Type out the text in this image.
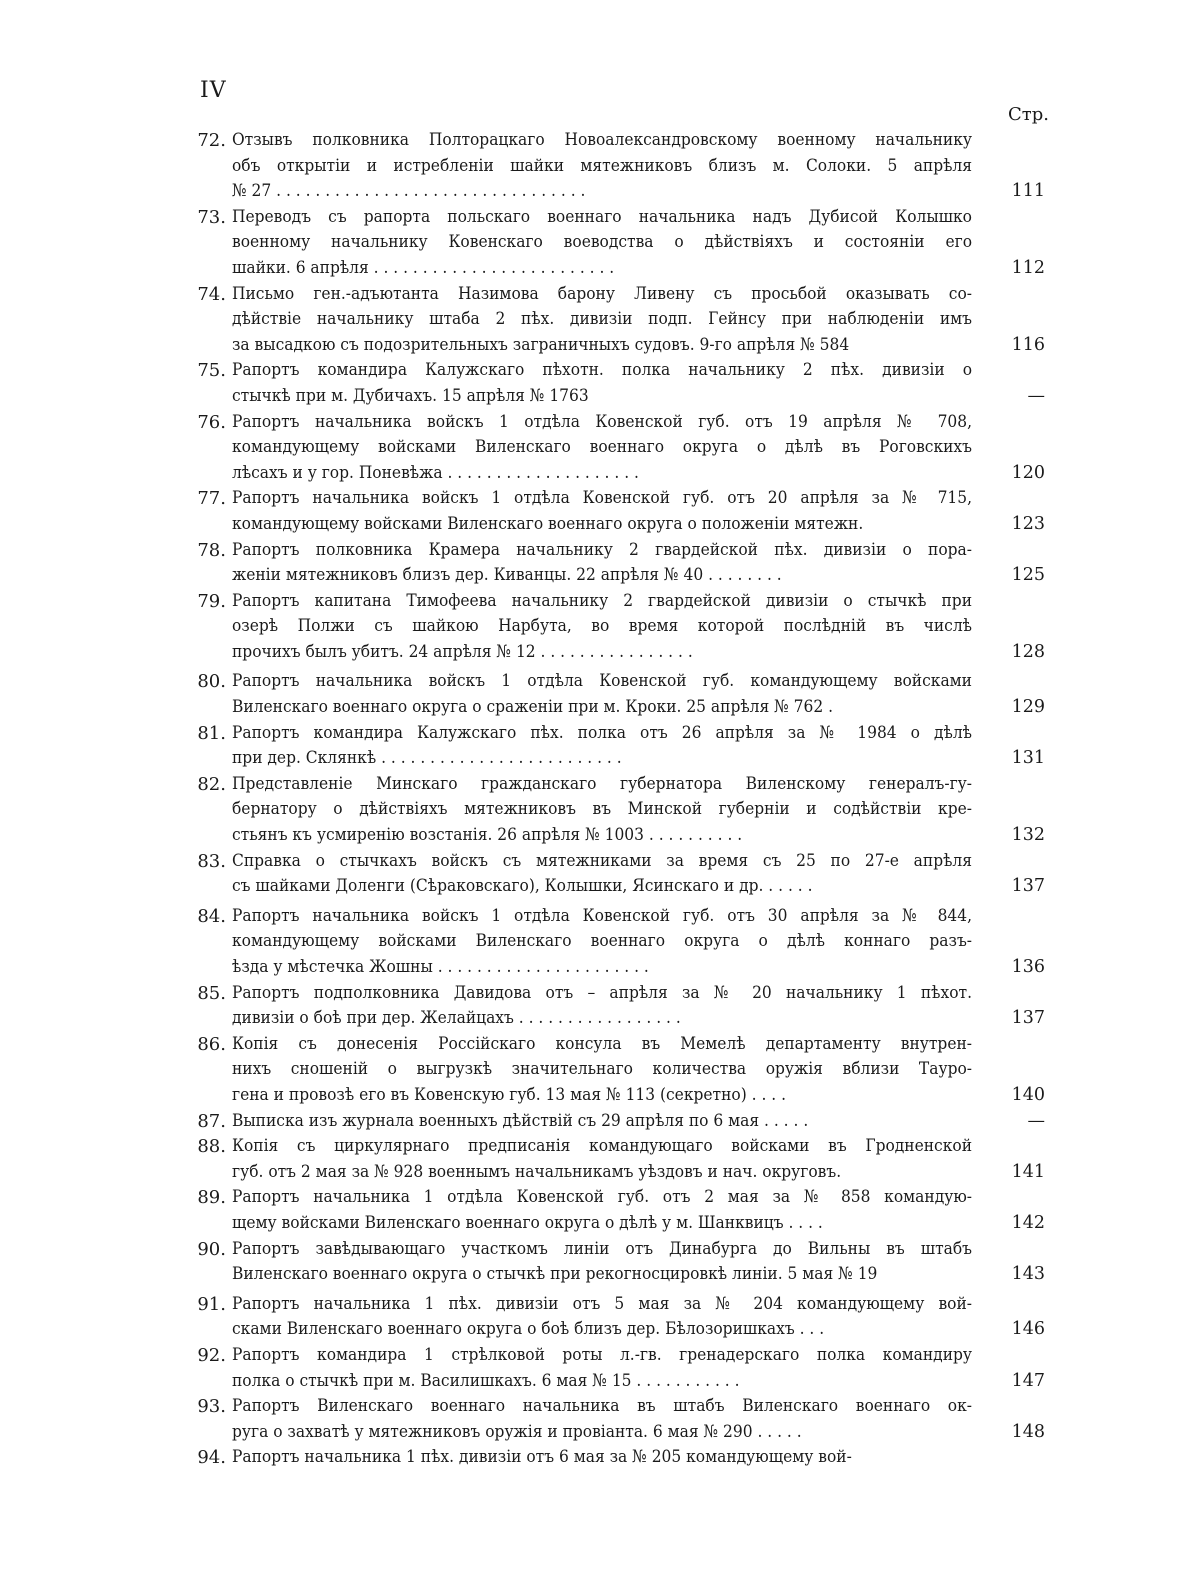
IV
Стр.
72. Отзывъ полковника Полторацкаго Новоалександровскому военному начальнику
объ открытіи и истребленіи шайки мятежниковъ близъ м. Солоки. 5 апрѣля
№ 27 . . . . . . . . . . . . . . . . . . . . . . . . . . . . . . . .	111
73. Переводъ съ рапорта польскаго военнаго начальника надъ Дубисой Колышко
военному начальнику Ковенскаго воеводства о дѣйствіяхъ и состояніи его
шайки. 6 апрѣля . . . . . . . . . . . . . . . . . . . . . . . . .	112
74. Письмо ген.-адъютанта Назимова барону Ливену съ просьбой оказывать со-
дѣйствіе начальнику штаба 2 пѣх. дивизіи подп. Гейнсу при наблюденіи имъ
за высадкою съ подозрительныхъ заграничныхъ судовъ. 9-го апрѣля № 584	116
75. Рапортъ командира Калужскаго пѣхотн. полка начальнику 2 пѣх. дивизіи о
стычкѣ при м. Дубичахъ. 15 апрѣля № 1763	—
76. Рапортъ начальника войскъ 1 отдѣла Ковенской губ. отъ 19 апрѣля № 708,
командующему войсками Виленскаго военнаго округа о дѣлѣ въ Роговскихъ
лѣсахъ и у гор. Поневѣжа . . . . . . . . . . . . . . . . . . . .	120
77. Рапортъ начальника войскъ 1 отдѣла Ковенской губ. отъ 20 апрѣля за № 715,
командующему войсками Виленскаго военнаго округа о положеніи мятежн.	123
78. Рапортъ полковника Крамера начальнику 2 гвардейской пѣх. дивизіи о пора-
женіи мятежниковъ близъ дер. Киванцы. 22 апрѣля № 40 . . . . . . . .	125
79. Рапортъ капитана Тимофеева начальнику 2 гвардейской дивизіи о стычкѣ при
озерѣ Полжи съ шайкою Нарбута, во время которой послѣдній въ числѣ
прочихъ былъ убитъ. 24 апрѣля № 12 . . . . . . . . . . . . . . . .	128
80. Рапортъ начальника войскъ 1 отдѣла Ковенской губ. командующему войсками
Виленскаго военнаго округа о сраженіи при м. Кроки. 25 апрѣля № 762 .	129
81. Рапортъ командира Калужскаго пѣх. полка отъ 26 апрѣля за № 1984 о дѣлѣ
при дер. Склянкѣ . . . . . . . . . . . . . . . . . . . . . . . . .	131
82. Представленіе Минскаго гражданскаго губернатора Виленскому генералъ-гу-
бернатору о дѣйствіяхъ мятежниковъ въ Минской губерніи и содѣйствіи кре-
стьянъ къ усмиренію возстанія. 26 апрѣля № 1003 . . . . . . . . . .	132
83. Справка о стычкахъ войскъ съ мятежниками за время съ 25 по 27-е апрѣля
съ шайками Доленги (Сѣраковскаго), Колышки, Ясинскаго и др. . . . . .	137
84. Рапортъ начальника войскъ 1 отдѣла Ковенской губ. отъ 30 апрѣля за № 844,
командующему войсками Виленскаго военнаго округа о дѣлѣ коннаго разъ-
ѣзда у мѣстечка Жошны . . . . . . . . . . . . . . . . . . . . . .	136
85. Рапортъ подполковника Давидова отъ – апрѣля за № 20 начальнику 1 пѣхот.
дивизіи о боѣ при дер. Желайцахъ . . . . . . . . . . . . . . . . .	137
86. Копія съ донесенія Россійскаго консула въ Мемелѣ департаменту внутрен-
нихъ сношеній о выгрузкѣ значительнаго количества оружія вблизи Тауро-
гена и провозѣ его въ Ковенскую губ. 13 мая № 113 (секретно) . . . .	140
87. Выписка изъ журнала военныхъ дѣйствій съ 29 апрѣля по 6 мая . . . . .	—
88. Копія съ циркулярнаго предписанія командующаго войсками въ Гродненской
губ. отъ 2 мая за № 928 военнымъ начальникамъ уѣздовъ и нач. округовъ.	141
89. Рапортъ начальника 1 отдѣла Ковенской губ. отъ 2 мая за № 858 командую-
щему войсками Виленскаго военнаго округа о дѣлѣ у м. Шанквицъ . . . .	142
90. Рапортъ завѣдывающаго участкомъ линіи отъ Динабурга до Вильны въ штабъ
Виленскаго военнаго округа о стычкѣ при рекогносцировкѣ линіи. 5 мая № 19	143
91. Рапортъ начальника 1 пѣх. дивизіи отъ 5 мая за № 204 командующему вой-
сками Виленскаго военнаго округа о боѣ близъ дер. Бѣлозоришкахъ . . .	146
92. Рапортъ командира 1 стрѣлковой роты л.-гв. гренадерскаго полка командиру
полка о стычкѣ при м. Василишкахъ. 6 мая № 15 . . . . . . . . . . .	147
93. Рапортъ Виленскаго военнаго начальника въ штабъ Виленскаго военнаго ок-
руга о захватѣ у мятежниковъ оружія и провіанта. 6 мая № 290 . . . . .	148
94. Рапортъ начальника 1 пѣх. дивизіи отъ 6 мая за № 205 командующему вой-
